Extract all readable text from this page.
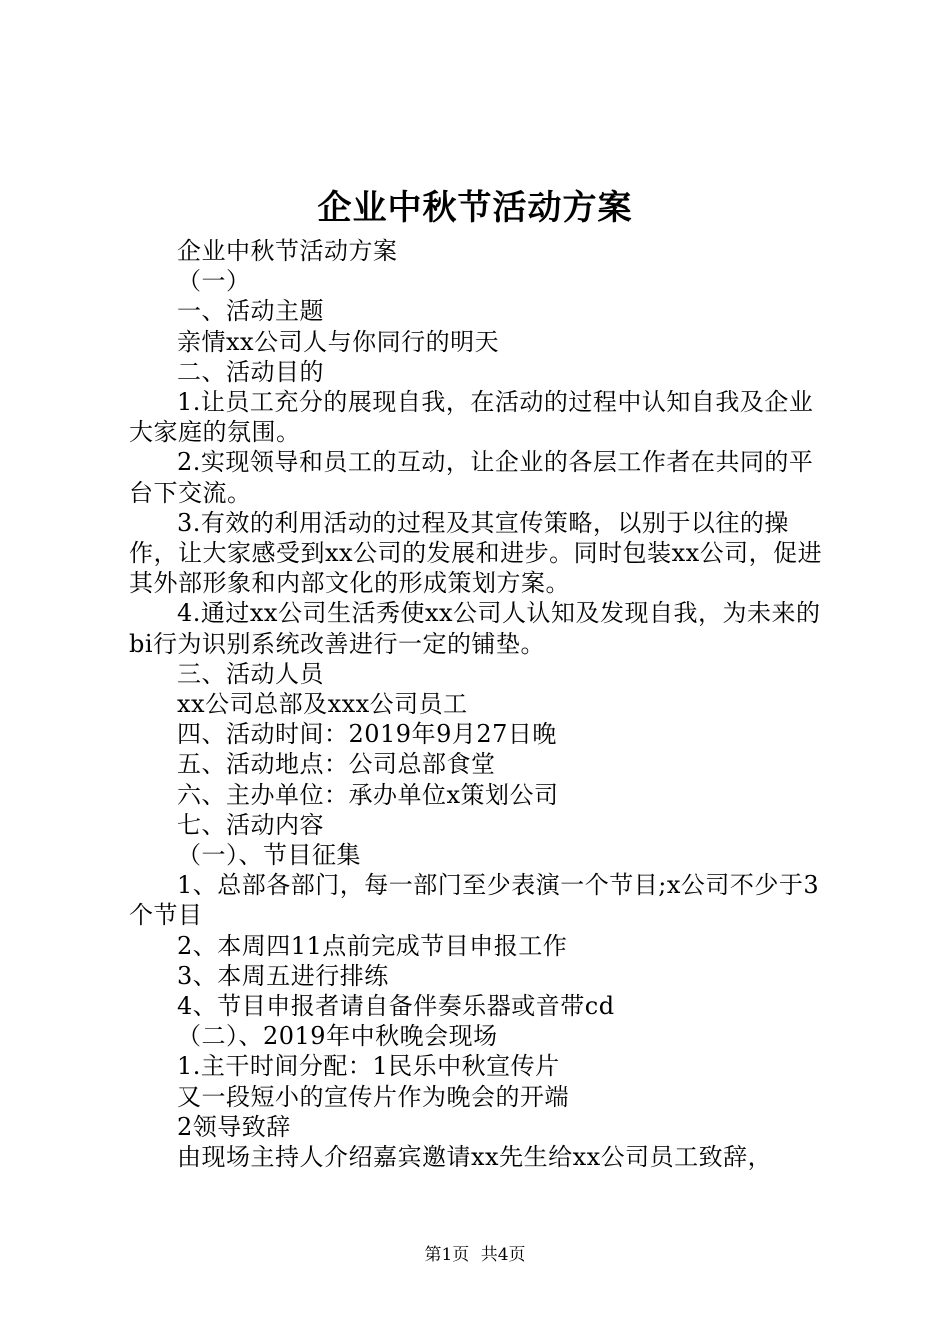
企业中秋节活动方案

企业中秋节活动方案

（一）

一、活动主题

亲情xx公司人与你同行的明天

二、活动目的

1.让员工充分的展现自我，在活动的过程中认知自我及企业大家庭的氛围。

2.实现领导和员工的互动，让企业的各层工作者在共同的平台下交流。

3.有效的利用活动的过程及其宣传策略，以别于以往的操作，让大家感受到xx公司的发展和进步。同时包装xx公司，促进其外部形象和内部文化的形成策划方案。

4.通过xx公司生活秀使xx公司人认知及发现自我，为未来的bi行为识别系统改善进行一定的铺垫。

三、活动人员

xx公司总部及xxx公司员工

四、活动时间：2019年9月27日晚

五、活动地点：公司总部食堂

六、主办单位：承办单位x策划公司

七、活动内容

（一）、节目征集

1、总部各部门，每一部门至少表演一个节目;x公司不少于3个节目

2、本周四11点前完成节目申报工作

3、本周五进行排练

4、节目申报者请自备伴奏乐器或音带cd

（二）、2019年中秋晚会现场

1.主干时间分配：1民乐中秋宣传片

又一段短小的宣传片作为晚会的开端

2领导致辞

由现场主持人介绍嘉宾邀请xx先生给xx公司员工致辞，

第1页 共4页
